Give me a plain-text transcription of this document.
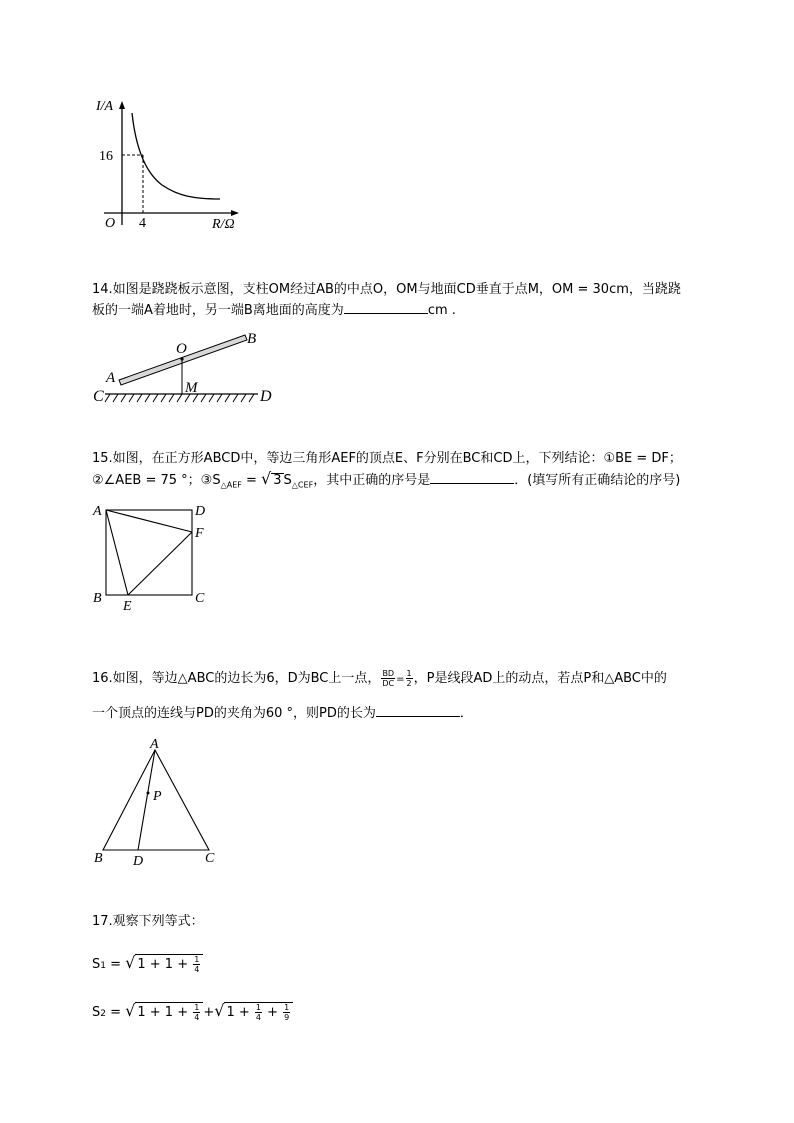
I/A
16
O 4	R/Ω
14.如图是跷跷板示意图，支柱OM经过AB的中点O，OM与地面CD垂直于点M，OM = 30cm，当跷跷
板的一端A着地时，另一端B离地面的高度为	cm .
A
B
O
M
C	D
15.如图，在正方形ABCD中，等边三角形AEF的顶点E、F分别在BC和CD上，下列结论：①BE = DF；
②∠AEB = 75 °；$③S_{\triangle AEF}$ = √ 3 $S_{\triangle CEF}$，其中正确的序号是	．(填写所有正确结论的序号)
A	D
F
B	C
E
16.如图，等边△ABC的边长为6，D为BC上一点， $\frac{BD}{DC} = \frac{1}{2}$ ，P是线段AD上的动点，若点P和△ABC中的
一个顶点的连线与PD的夹角为60 °，则PD的长为	．
A
P
B D	C
17.观察下列等式：
S1 = √ $1 + 1 + \frac{1}{4}$
S2 = √ $1 + 1 + \frac{1}{4}$ +√ $1 + \frac{1}{4} + \frac{1}{9}$
